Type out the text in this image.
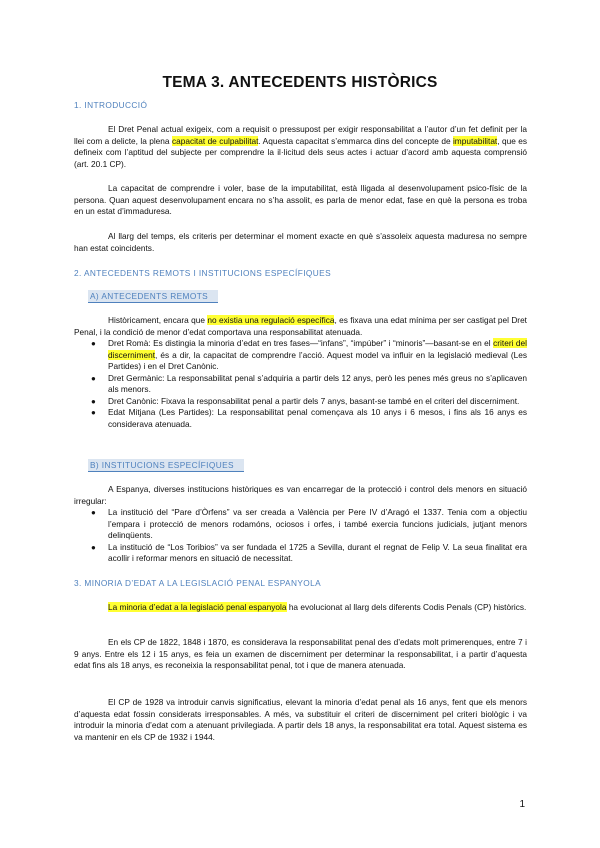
TEMA 3. ANTECEDENTS HISTÒRICS
1. INTRODUCCIÓ

El Dret Penal actual exigeix, com a requisit o pressupost per exigir responsabilitat a l’autor d’un fet definit per la llei com a delicte, la plena capacitat de culpabilitat. Aquesta capacitat s’emmarca dins del concepte de imputabilitat, que es defineix com l’aptitud del subjecte per comprendre la il·licitud dels seus actes i actuar d’acord amb aquesta comprensió (art. 20.1 CP).

La capacitat de comprendre i voler, base de la imputabilitat, està lligada al desenvolupament psico-físic de la persona. Quan aquest desenvolupament encara no s’ha assolit, es parla de menor edat, fase en què la persona es troba en un estat d’immaduresa.

Al llarg del temps, els criteris per determinar el moment exacte en què s’assoleix aquesta maduresa no sempre han estat coincidents.

2. ANTECEDENTS REMOTS I INSTITUCIONS ESPECÍFIQUES
A) ANTECEDENTS REMOTS

Històricament, encara que no existia una regulació específica, es fixava una edat mínima per ser castigat pel Dret Penal, i la condició de menor d’edat comportava una responsabilitat atenuada.

● Dret Romà: Es distingia la minoria d’edat en tres fases—“infans”, “impúber” i “minoris”—basant-se en el criteri del discerniment, és a dir, la capacitat de comprendre l’acció. Aquest model va influir en la legislació medieval (Les Partides) i en el Dret Canònic.
● Dret Germànic: La responsabilitat penal s’adquiria a partir dels 12 anys, però les penes més greus no s’aplicaven als menors.
● Dret Canònic: Fixava la responsabilitat penal a partir dels 7 anys, basant-se també en el criteri del discerniment.
● Edat Mitjana (Les Partides): La responsabilitat penal començava als 10 anys i 6 mesos, i fins als 16 anys es considerava atenuada.
B) INSTITUCIONS ESPECÍFIQUES

A Espanya, diverses institucions històriques es van encarregar de la protecció i control dels menors en situació irregular:

● La institució del “Pare d’Òrfens” va ser creada a València per Pere IV d’Aragó el 1337. Tenia com a objectiu l’empara i protecció de menors rodamóns, ociosos i orfes, i també exercia funcions judicials, jutjant menors delinqüents.
● La institució de “Los Toribios” va ser fundada el 1725 a Sevilla, durant el regnat de Felip V. La seua finalitat era acollir i reformar menors en situació de necessitat.
3. MINORIA D’EDAT A LA LEGISLACIÓ PENAL ESPANYOLA

La minoria d’edat a la legislació penal espanyola ha evolucionat al llarg dels diferents Codis Penals (CP) històrics.

En els CP de 1822, 1848 i 1870, es considerava la responsabilitat penal des d’edats molt primerenques, entre 7 i 9 anys. Entre els 12 i 15 anys, es feia un examen de discerniment per determinar la responsabilitat, i a partir d’aquesta edat fins als 18 anys, es reconeixia la responsabilitat penal, tot i que de manera atenuada.

El CP de 1928 va introduir canvis significatius, elevant la minoria d’edat penal als 16 anys, fent que els menors d’aquesta edat fossin considerats irresponsables. A més, va substituir el criteri de discerniment pel criteri biològic i va introduir la minoria d’edat com a atenuant privilegiada. A partir dels 18 anys, la responsabilitat era total. Aquest sistema es va mantenir en els CP de 1932 i 1944.

1
